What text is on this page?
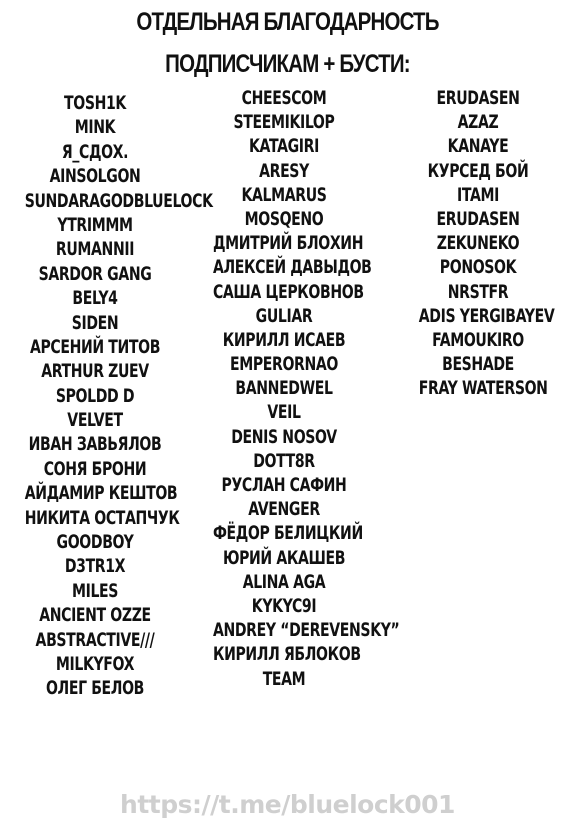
ОТДЕЛЬНАЯ БЛАГОДАРНОСТЬ
ПОДПИСЧИКАМ + БУСТИ:
TOSH1K
MINK
Я_СДОХ.
AINSOLGON
SUNDARAGODBLUELOCK
YTRIMMM
RUMANNII
SARDOR GANG
BELY4
SIDEN
АРСЕНИЙ ТИТОВ
ARTHUR ZUEV
SPOLDD D
VELVET
ИВАН ЗАВЬЯЛОВ
СОНЯ БРОНИ
АЙДАМИР КЕШТОВ
НИКИТА ОСТАПЧУК
GOODBOY
D3TR1X
MILES
ANCIENT OZZE
ABSTRACTIVE///
MILKYFOX
ОЛЕГ БЕЛОВ
CHEESCOM
STEEMIKILOP
KATAGIRI
ARESY
KALMARUS
MOSQENO
ДМИТРИЙ БЛОХИН
АЛЕКСЕЙ ДАВЫДОВ
САША ЦЕРКОВНОВ
GULIAR
КИРИЛЛ ИСАЕВ
EMPERORNAO
BANNEDWEL
VEIL
DENIS NOSOV
DOTT8R
РУСЛАН САФИН
AVENGER
ФЁДОР БЕЛИЦКИЙ
ЮРИЙ АКАШЕВ
ALINA AGA
KYKYC9I
ANDREY “DEREVENSKY”
КИРИЛЛ ЯБЛОКОВ
TEAM
ERUDASEN
AZAZ
KANAYE
КУРСЕД БОЙ
ITAMI
ERUDASEN
ZEKUNEKO
PONOSOK
NRSTFR
ADIS YERGIBAYEV
FAMOUKIRO
BESHADE
FRAY WATERSON
https://t.me/bluelock001
